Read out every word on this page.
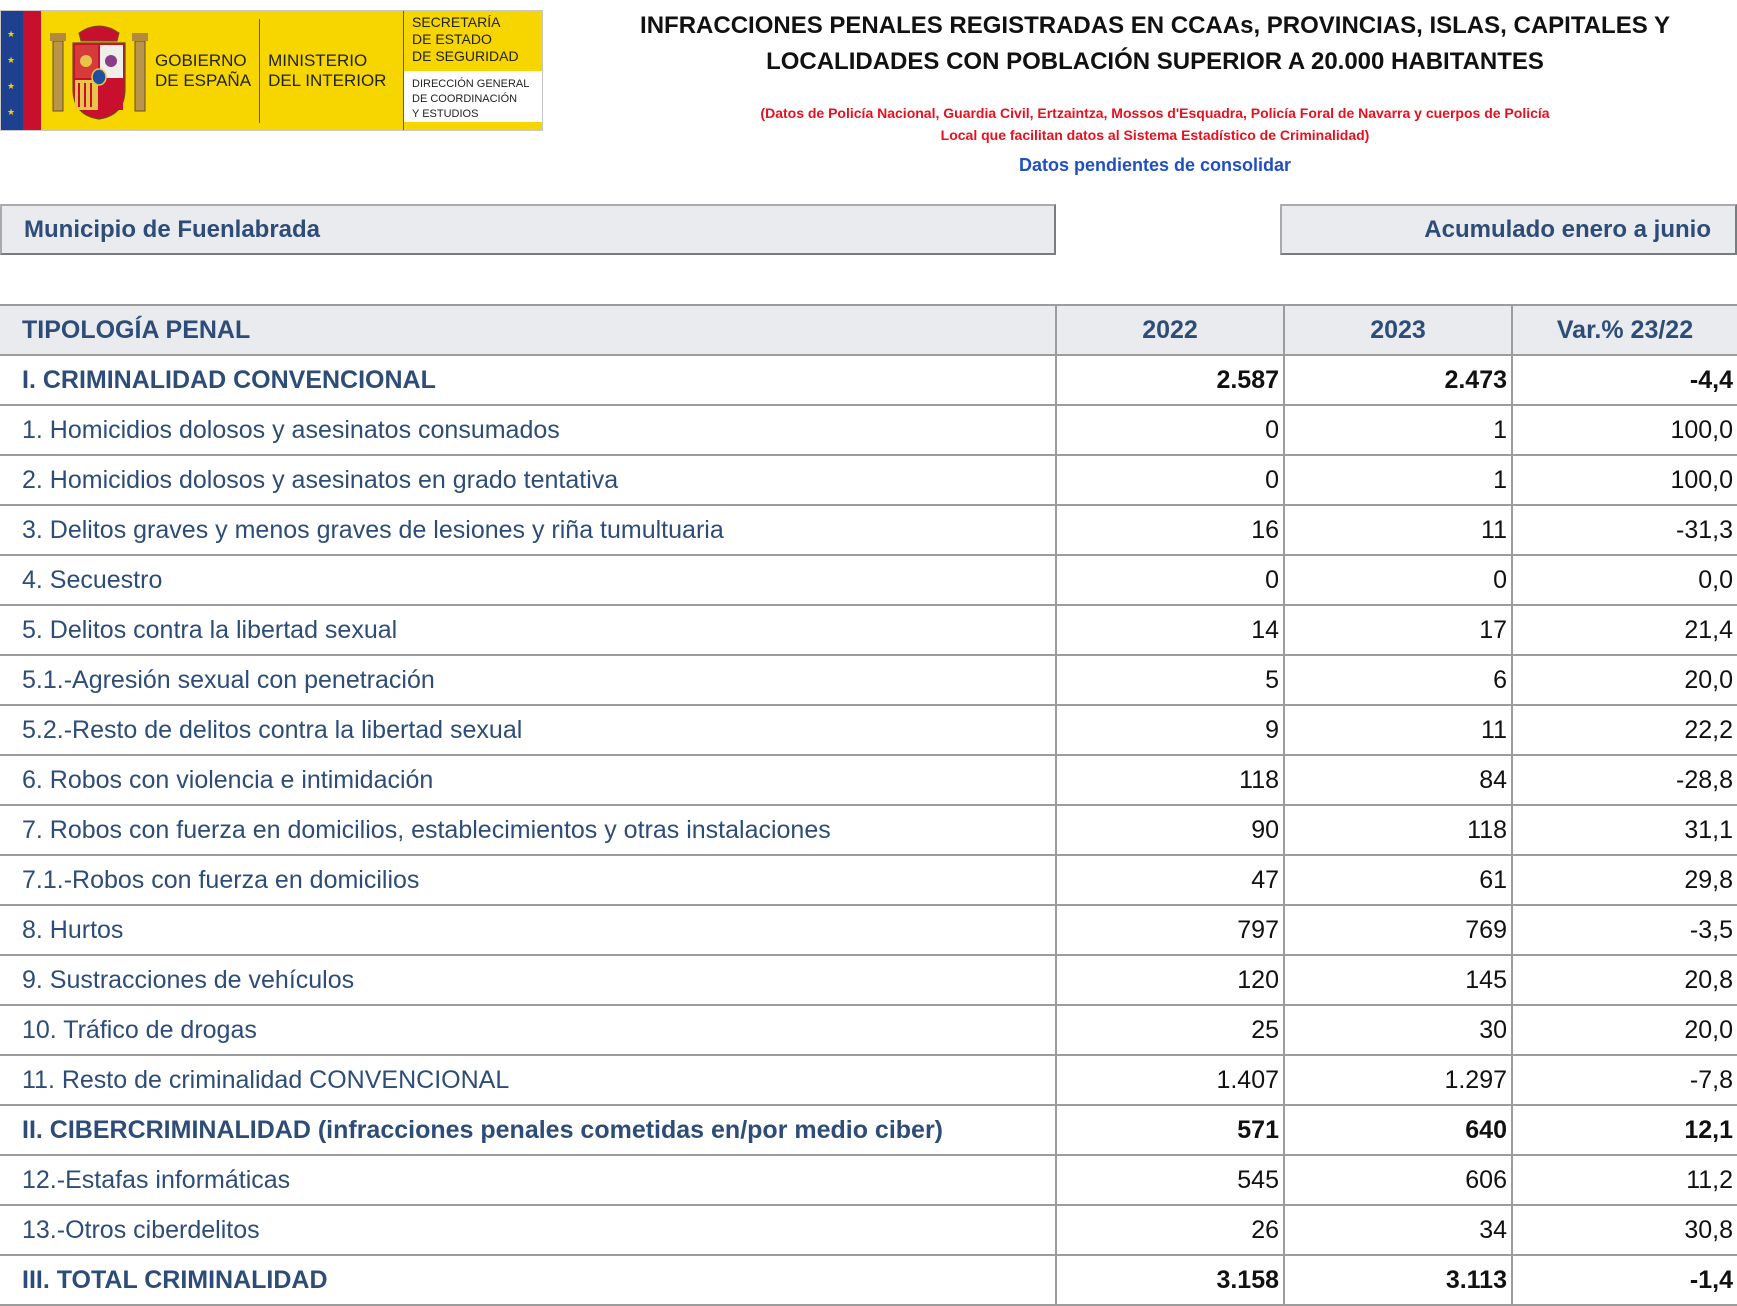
★
★
★
★
GOBIERNO
DE ESPAÑA
MINISTERIO
DEL INTERIOR
SECRETARÍA
DE ESTADO
DE SEGURIDAD
DIRECCIÓN GENERAL
DE COORDINACIÓN
Y ESTUDIOS
INFRACCIONES PENALES REGISTRADAS EN CCAAs, PROVINCIAS, ISLAS, CAPITALES Y
LOCALIDADES CON POBLACIÓN SUPERIOR A 20.000 HABITANTES
(Datos de Policía Nacional, Guardia Civil, Ertzaintza, Mossos d'Esquadra, Policía Foral de Navarra y cuerpos de Policía
Local que facilitan datos al Sistema Estadístico de Criminalidad)
Datos pendientes de consolidar
Municipio de Fuenlabrada	Acumulado enero a junio
TIPOLOGÍA PENAL	2022	2023	Var.% 23/22
I. CRIMINALIDAD CONVENCIONAL	2.587	2.473	-4,4
1. Homicidios dolosos y asesinatos consumados	0	1	100,0
2. Homicidios dolosos y asesinatos en grado tentativa	0	1	100,0
3. Delitos graves y menos graves de lesiones y riña tumultuaria	16	11	-31,3
4. Secuestro	0	0	0,0
5. Delitos contra la libertad sexual	14	17	21,4
5.1.-Agresión sexual con penetración	5	6	20,0
5.2.-Resto de delitos contra la libertad sexual	9	11	22,2
6. Robos con violencia e intimidación	118	84	-28,8
7. Robos con fuerza en domicilios, establecimientos y otras instalaciones	90	118	31,1
7.1.-Robos con fuerza en domicilios	47	61	29,8
8. Hurtos	797	769	-3,5
9. Sustracciones de vehículos	120	145	20,8
10. Tráfico de drogas	25	30	20,0
11. Resto de criminalidad CONVENCIONAL	1.407	1.297	-7,8
II. CIBERCRIMINALIDAD (infracciones penales cometidas en/por medio ciber)	571	640	12,1
12.-Estafas informáticas	545	606	11,2
13.-Otros ciberdelitos	26	34	30,8
III. TOTAL CRIMINALIDAD	3.158	3.113	-1,4
